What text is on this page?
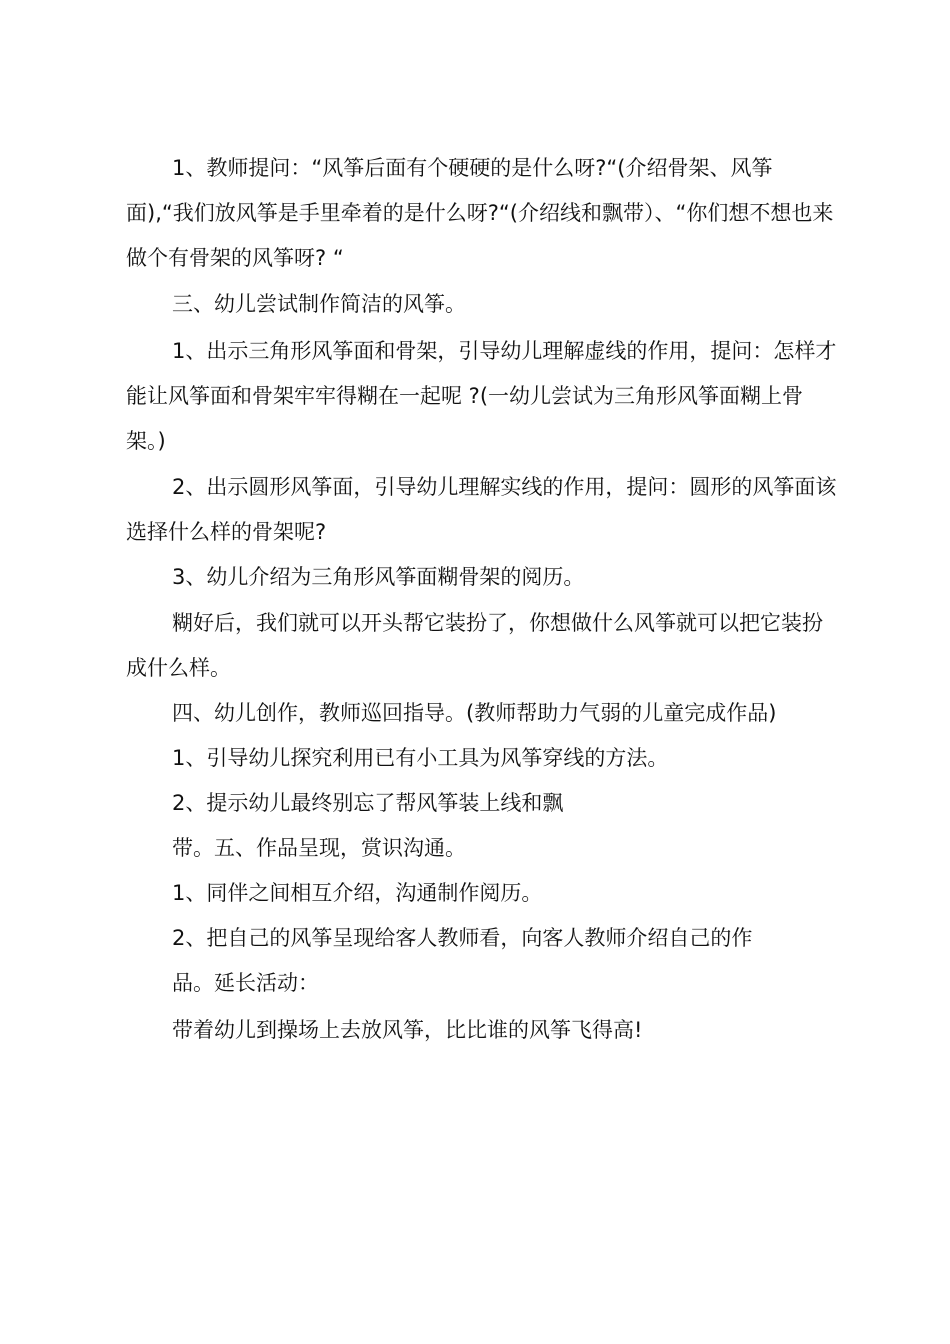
1、教师提问：“风筝后面有个硬硬的是什么呀?“(介绍骨架、风筝面),“我们放风筝是手里牵着的是什么呀?“(介绍线和飘带）、“你们想不想也来做个有骨架的风筝呀? “

三、幼儿尝试制作简洁的风筝。

1、出示三角形风筝面和骨架，引导幼儿理解虚线的作用，提问：怎样才能让风筝面和骨架牢牢得糊在一起呢 ?(一幼儿尝试为三角形风筝面糊上骨架。)

2、出示圆形风筝面，引导幼儿理解实线的作用，提问：圆形的风筝面该选择什么样的骨架呢?

3、幼儿介绍为三角形风筝面糊骨架的阅历。

糊好后，我们就可以开头帮它装扮了，你想做什么风筝就可以把它装扮成什么样。

四、幼儿创作，教师巡回指导。(教师帮助力气弱的儿童完成作品)

1、引导幼儿探究利用已有小工具为风筝穿线的方法。

2、提示幼儿最终别忘了帮风筝装上线和飘

带。五、作品呈现，赏识沟通。

1、同伴之间相互介绍，沟通制作阅历。

2、把自己的风筝呈现给客人教师看，向客人教师介绍自己的作

品。延长活动：

带着幼儿到操场上去放风筝，比比谁的风筝飞得高!
